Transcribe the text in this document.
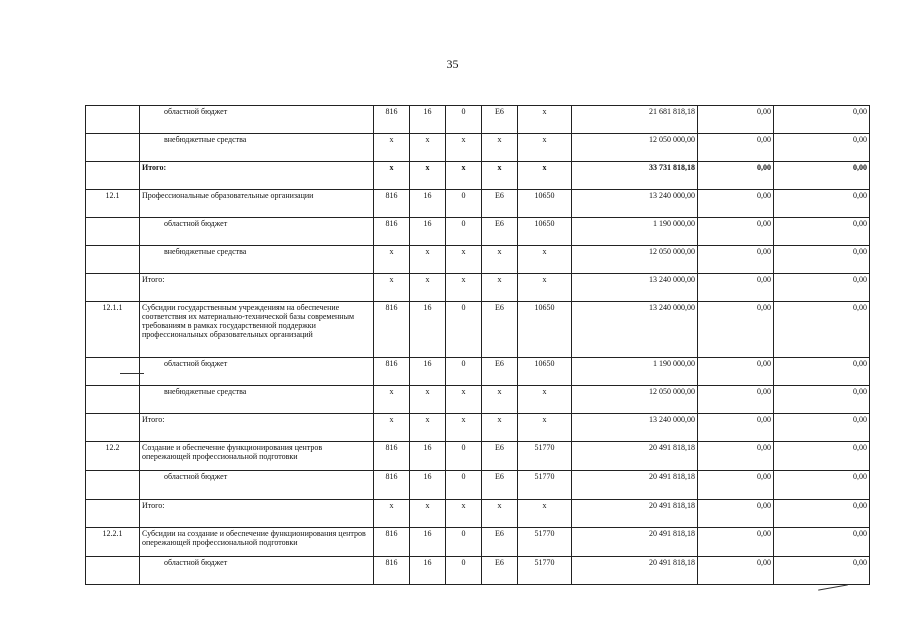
35
	областной бюджет	816	16	0	Е6	х	21 681 818,18	0,00	0,00
	внебюджетные средства	х	х	х	х	х	12 050 000,00	0,00	0,00
	Итого:	х	х	х	х	х	33 731 818,18	0,00	0,00
12.1	Профессиональные образовательные организации	816	16	0	Е6	10650	13 240 000,00	0,00	0,00
	областной бюджет	816	16	0	Е6	10650	1 190 000,00	0,00	0,00
	внебюджетные средства	х	х	х	х	х	12 050 000,00	0,00	0,00
	Итого:	х	х	х	х	х	13 240 000,00	0,00	0,00
12.1.1	Субсидии государственным учреждениям на обеспечение соответствия их материально-технической базы современным требованиям в рамках государственной поддержки профессиональных образовательных организаций	816	16	0	Е6	10650	13 240 000,00	0,00	0,00
	областной бюджет	816	16	0	Е6	10650	1 190 000,00	0,00	0,00
	внебюджетные средства	х	х	х	х	х	12 050 000,00	0,00	0,00
	Итого:	х	х	х	х	х	13 240 000,00	0,00	0,00
12.2	Создание и обеспечение функционирования центров опережающей профессиональной подготовки	816	16	0	Е6	51770	20 491 818,18	0,00	0,00
	областной бюджет	816	16	0	Е6	51770	20 491 818,18	0,00	0,00
	Итого:	х	х	х	х	х	20 491 818,18	0,00	0,00
12.2.1	Субсидии на создание и обеспечение функционирования центров опережающей профессиональной подготовки	816	16	0	Е6	51770	20 491 818,18	0,00	0,00
	областной бюджет	816	16	0	Е6	51770	20 491 818,18	0,00	0,00
